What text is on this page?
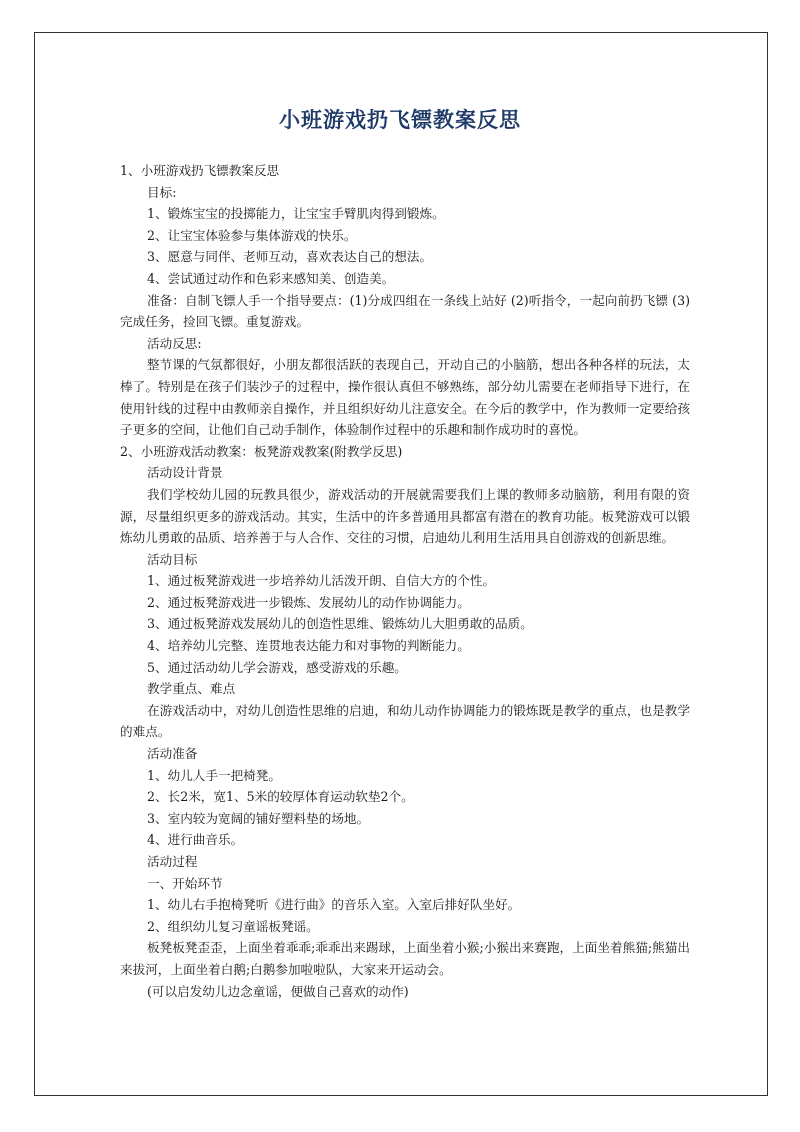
小班游戏扔飞镖教案反思

1、小班游戏扔飞镖教案反思

目标:

1、锻炼宝宝的投掷能力，让宝宝手臂肌肉得到锻炼。

2、让宝宝体验参与集体游戏的快乐。

3、愿意与同伴、老师互动，喜欢表达自己的想法。

4、尝试通过动作和色彩来感知美、创造美。

准备：自制飞镖人手一个指导要点：(1)分成四组在一条线上站好 (2)听指令，一起向前扔飞镖 (3)完成任务，捡回飞镖。重复游戏。

活动反思:

整节课的气氛都很好，小朋友都很活跃的表现自己，开动自己的小脑筋，想出各种各样的玩法，太棒了。特别是在孩子们装沙子的过程中，操作很认真但不够熟练，部分幼儿需要在老师指导下进行，在使用针线的过程中由教师亲自操作，并且组织好幼儿注意安全。在今后的教学中，作为教师一定要给孩子更多的空间，让他们自己动手制作，体验制作过程中的乐趣和制作成功时的喜悦。

2、小班游戏活动教案：板凳游戏教案(附教学反思)

活动设计背景

我们学校幼儿园的玩教具很少，游戏活动的开展就需要我们上课的教师多动脑筋，利用有限的资源，尽量组织更多的游戏活动。其实，生活中的许多普通用具都富有潜在的教育功能。板凳游戏可以锻炼幼儿勇敢的品质、培养善于与人合作、交往的习惯，启迪幼儿利用生活用具自创游戏的创新思维。

活动目标

1、通过板凳游戏进一步培养幼儿活泼开朗、自信大方的个性。

2、通过板凳游戏进一步锻炼、发展幼儿的动作协调能力。

3、通过板凳游戏发展幼儿的创造性思维、锻炼幼儿大胆勇敢的品质。

4、培养幼儿完整、连贯地表达能力和对事物的判断能力。

5、通过活动幼儿学会游戏，感受游戏的乐趣。

教学重点、难点

在游戏活动中，对幼儿创造性思维的启迪，和幼儿动作协调能力的锻炼既是教学的重点，也是教学的难点。

活动准备

1、幼儿人手一把椅凳。

2、长2米，宽1、5米的较厚体育运动软垫2个。

3、室内较为宽阔的铺好塑料垫的场地。

4、进行曲音乐。

活动过程

一、开始环节

1、幼儿右手抱椅凳听《进行曲》的音乐入室。入室后排好队坐好。

2、组织幼儿复习童谣板凳谣。

板凳板凳歪歪，上面坐着乖乖;乖乖出来踢球，上面坐着小猴;小猴出来赛跑，上面坐着熊猫;熊猫出来拔河，上面坐着白鹅;白鹅参加啦啦队，大家来开运动会。

(可以启发幼儿边念童谣，便做自己喜欢的动作)
